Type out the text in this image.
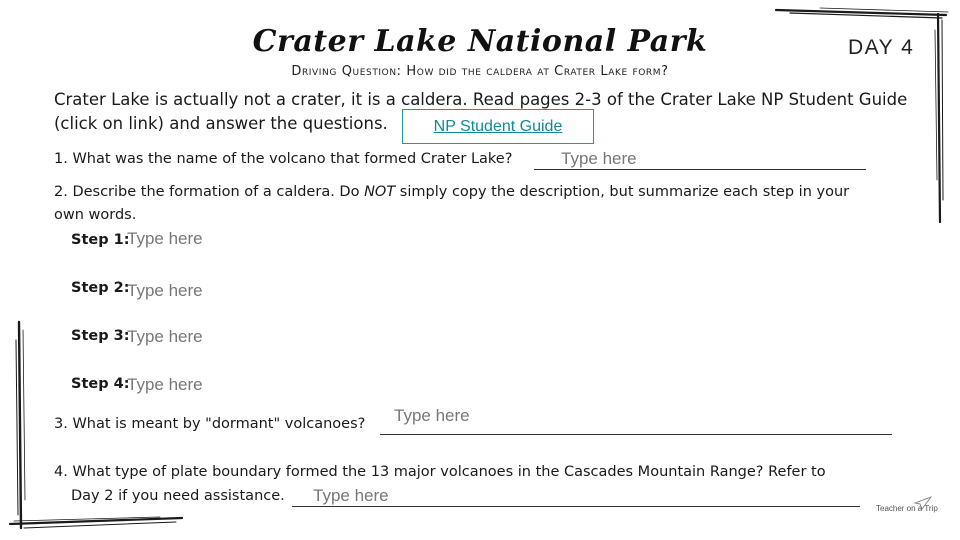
Crater Lake National Park	DAY 4
Driving Question: How did the caldera at Crater Lake form?
Crater Lake is actually not a crater, it is a caldera. Read pages 2-3 of the Crater Lake NP Student Guide
(click on link) and answer the questions.	NP Student Guide
1. What was the name of the volcano that formed Crater Lake?	Type here
2. Describe the formation of a caldera. Do NOT simply copy the description, but summarize each step in your
own words.
Step 1:
Type here
Step 2:
Type here
Step 3:
Type here
Step 4:
Type here
3. What is meant by "dormant" volcanoes? Type here
4. What type of plate boundary formed the 13 major volcanoes in the Cascades Mountain Range? Refer to
Day 2 if you need assistance. Type here
Teacher on a Trip
